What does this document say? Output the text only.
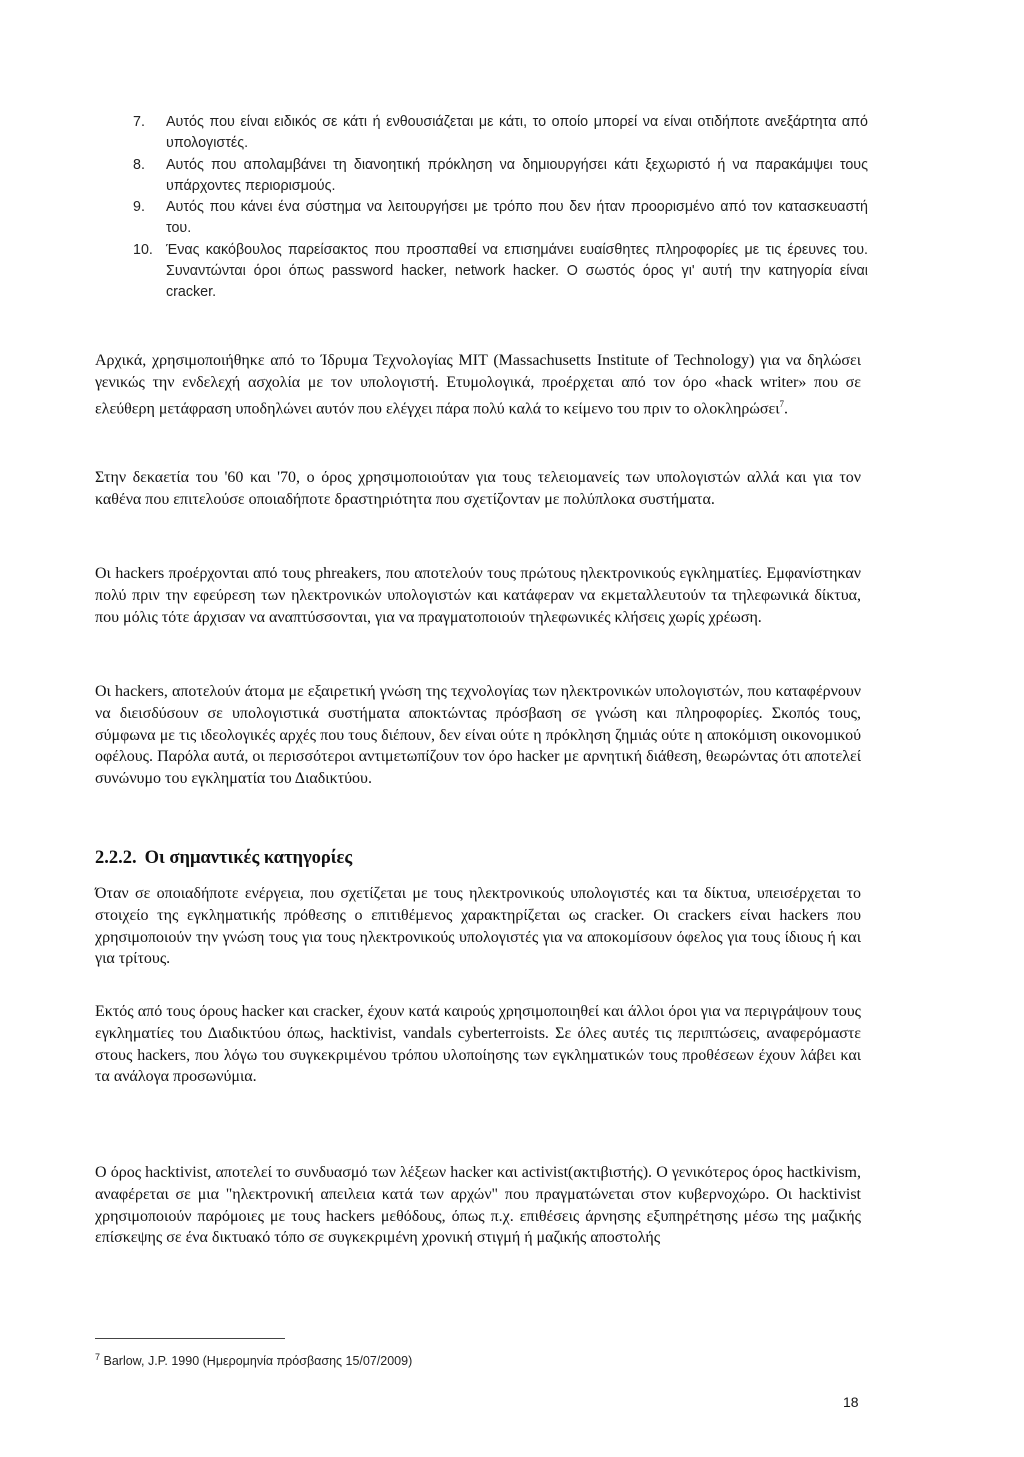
7. Αυτός που είναι ειδικός σε κάτι ή ενθουσιάζεται με κάτι, το οποίο μπορεί να είναι οτιδήποτε ανεξάρτητα από υπολογιστές.
8. Αυτός που απολαμβάνει τη διανοητική πρόκληση να δημιουργήσει κάτι ξεχωριστό ή να παρακάμψει τους υπάρχοντες περιορισμούς.
9. Αυτός που κάνει ένα σύστημα να λειτουργήσει με τρόπο που δεν ήταν προορισμένο από τον κατασκευαστή του.
10. Ένας κακόβουλος παρείσακτος που προσπαθεί να επισημάνει ευαίσθητες πληροφορίες με τις έρευνες του. Συναντώνται όροι όπως password hacker, network hacker. Ο σωστός όρος γι' αυτή την κατηγορία είναι cracker.

Αρχικά, χρησιμοποιήθηκε από το Ίδρυμα Τεχνολογίας ΜΙΤ (Massachusetts Institute of Technology) για να δηλώσει γενικώς την ενδελεχή ασχολία με τον υπολογιστή. Ετυμολογικά, προέρχεται από τον όρο «hack writer» που σε ελεύθερη μετάφραση υποδηλώνει αυτόν που ελέγχει πάρα πολύ καλά το κείμενο του πριν το ολοκληρώσει$^7$.

Στην δεκαετία του '60 και '70, ο όρος χρησιμοποιούταν για τους τελειομανείς των υπολογιστών αλλά και για τον καθένα που επιτελούσε οποιαδήποτε δραστηριότητα που σχετίζονταν με πολύπλοκα συστήματα.

Οι hackers προέρχονται από τους phreakers, που αποτελούν τους πρώτους ηλεκτρονικούς εγκληματίες. Εμφανίστηκαν πολύ πριν την εφεύρεση των ηλεκτρονικών υπολογιστών και κατάφεραν να εκμεταλλευτούν τα τηλεφωνικά δίκτυα, που μόλις τότε άρχισαν να αναπτύσσονται, για να πραγματοποιούν τηλεφωνικές κλήσεις χωρίς χρέωση.

Οι hackers, αποτελούν άτομα με εξαιρετική γνώση της τεχνολογίας των ηλεκτρονικών υπολογιστών, που καταφέρνουν να διεισδύσουν σε υπολογιστικά συστήματα αποκτώντας πρόσβαση σε γνώση και πληροφορίες. Σκοπός τους, σύμφωνα με τις ιδεολογικές αρχές που τους διέπουν, δεν είναι ούτε η πρόκληση ζημιάς ούτε η αποκόμιση οικονομικού οφέλους. Παρόλα αυτά, οι περισσότεροι αντιμετωπίζουν τον όρο hacker με αρνητική διάθεση, θεωρώντας ότι αποτελεί συνώνυμο του εγκληματία του Διαδικτύου.

2.2.2. Οι σημαντικές κατηγορίες

Όταν σε οποιαδήποτε ενέργεια, που σχετίζεται με τους ηλεκτρονικούς υπολογιστές και τα δίκτυα, υπεισέρχεται το στοιχείο της εγκληματικής πρόθεσης ο επιτιθέμενος χαρακτηρίζεται ως cracker. Οι crackers είναι hackers που χρησιμοποιούν την γνώση τους για τους ηλεκτρονικούς υπολογιστές για να αποκομίσουν όφελος για τους ίδιους ή και για τρίτους.

Εκτός από τους όρους hacker και cracker, έχουν κατά καιρούς χρησιμοποιηθεί και άλλοι όροι για να περιγράψουν τους εγκληματίες του Διαδικτύου όπως, hacktivist, vandals cyberterroists. Σε όλες αυτές τις περιπτώσεις, αναφερόμαστε στους hackers, που λόγω του συγκεκριμένου τρόπου υλοποίησης των εγκληματικών τους προθέσεων έχουν λάβει και τα ανάλογα προσωνύμια.

Ο όρος hacktivist, αποτελεί το συνδυασμό των λέξεων hacker και activist(ακτιβιστής). Ο γενικότερος όρος hactkivism, αναφέρεται σε μια "ηλεκτρονική απειλεια κατά των αρχών" που πραγματώνεται στον κυβερνοχώρο. Οι hacktivist χρησιμοποιούν παρόμοιες με τους hackers μεθόδους, όπως π.χ. επιθέσεις άρνησης εξυπηρέτησης μέσω της μαζικής επίσκεψης σε ένα δικτυακό τόπο σε συγκεκριμένη χρονική στιγμή ή μαζικής αποστολής

$^7$ Barlow, J.P. 1990 (Ημερομηνία πρόσβασης 15/07/2009)
18
